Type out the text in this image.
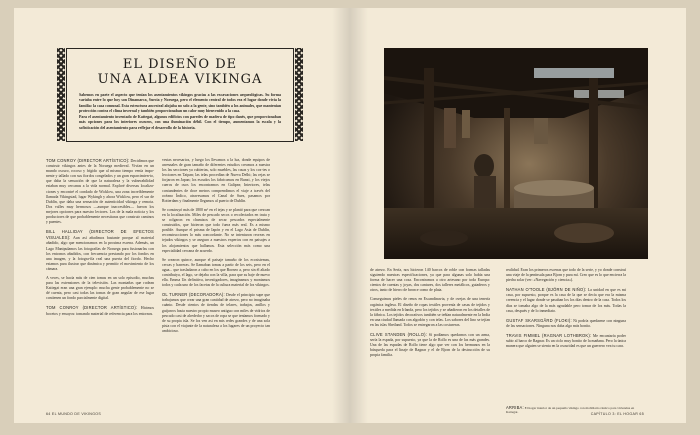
EL DISEÑO DE
UNA ALDEA VIKINGA

Sabemos en parte el aspecto que tenían los asentamientos vikingos gracias a las excavaciones arqueológicas. Su forma variaba entre lo que hoy son Dinamarca, Suecia y Noruega, pero el elemento central de todos era el lugar donde vivía la familia: la casa comunal. Esta estructura ancestral alojaba no solo a la gente, sino también a los animales, que mantenían protección contra el clima invernal y también proporcionaban un calor muy bienvenido a la casa.

Para el asentamiento inventado de Kattegat, algunos edificios con paredes de madera de tipo danés, que proporcionaban más opciones para los interiores oscuros, con una iluminación débil. Con el tiempo, aumentamos la escala y la sofisticación del asentamiento para reflejar el desarrollo de la historia.

TOM CONROY (DIRECTOR ARTÍSTICO): Decidimos que construir vikingos antes de la Noruega medieval. Vivían en un mundo oscuro, rocoso y frígido que al mismo tiempo venía impo-nente y tallado con sus fiordos congelados y un gran esparcimien-to, que daba la sensación de que la naturaleza y la vulnerabilidad estaban muy cercanas a la vida normal. Exploré diversas localiza-ciones y encontré el condado de Wicklow, una zona increíblemente llamada Vikingstad, lugar Wykingh y ahora Wicklow, pero el sur de Dublín, que daba una sensación de autenticidad vikinga y remota. Dos valles muy hermosos —aunque inaccesibles— fueron los mejores opciones para nuestro lectores. Los de la mala noticia y los productores de que probablemente necesitaras que construir caminos y puentes.

BILL HALLIDAY (DIRECTOR DE EFECTOS VISUALES): Aun así añadimos bastante porque al material añadido, algo que mencionamos en la proxima escena. Además, un Lago Manipulamos las fotografías de Noruega para fusionarlas con los entornos añadidos, con frecuencia prestando por los fondos en una imagen, y la fotogra-fía real una puerta del fiordo. Hecho estamos para ilustrar que dinámica y permitir el movimiento de los cámara.

A veces, se hacía más de cien tomas en un solo episodio, muchas para las extensiones de la televisión. Las montañas que rodean Kattegat eran una gran ejemplo: mucha gente probablemente no se dé cuenta, pero casi todas las tomas de gran angular de ese lugar contienen un fondo parcialmente digital.

TOM CONROY (DIRECTOR ARTÍSTICO): Hicimos bocetos y ensayos: tomando material de referencia para los entornos.

vestas necesarios, y luego los llevamos a la luz, donde equipos de arresnales de gran tamaño de diferentes estudios creamos a nuestra los las secciones ya cubiertas, solo muebles, las casas y los cos-tes o lecciones en Taipan; las telas procedían de Nueva Delhi; las rejas se forjaron en Japan; los escudos los fabricamos en Bunzi, y los viejos cueros de osos los encontramos en Galipea; Interiores, telas contundentes de doce metros comprendimos el viaje a través del océano Índico, atravesamos el Canal de Suez, pasamos por Rotterdam y finalmente llegamos al puerto de Dublín.

Se construyó más de 1800 m² en el tejas y se plantó para que crezcan en la localización. Miles de pescado secos o recolectados en truta y se colgaron en chamizos de secar pescados especialmente construidos, que hicieron que todo fuera más real. Es a mismo posible. Aunque el prisma de Iapón y en el Lago Asia de Dublín, reconstrucciones lo más concordante. No se intentaron recreas en tejados vikingos y se aseguro a nuestros expertos con en paisajes a los alojamientos que hallamos. Esta selección más como una especialidad cercana de acuerdo.

Se crearon quince, aunque el paisaje tamaño de los ecosistemas, cercas y barreras. Se llamaban tomas a partir de los sets, pero en el agua... que trasladaron a cabo en los que Borneo a, pero sin él aliado contribuiya, el lago, se dejaba con la villa, para que su baje de nuevo ella. Emma Un definitiva, investigadores, imaginamos y montamos todos y cada uno de los facetas de la cultura material de los vikingos.

OL TURNER (DECORADORA): Desde el principio supe que trabajamos que crear una gran cantidad de atrezo, pero no imaginaba cuánto. Desde cientos de tiendas de telares, trabajos, anillos y guijarros hasta nuestro propio museo antiguo con miles de vidrios de pescado casi de alrededor y sacos de ropa se que teníamos formado y de su propia isla. Se los ven asi en mis redes grandes y de una sola pista con el viajante de la naturaleza a los lugares de un proyecto tan ambicioso.

64 EL MUNDO DE VIKINGOS

de atrezo. En Sería, nos hicieron 140 barcos de roble con formas talladas siguiendo nuestras especificaciones, ya que para algunas solo había una forma de hacer una cosa. Encontramos a otro artesano por toda Europa: cientos de cuentas y joyas, dos cantares, dos talleres metálicos, guiaderos y otros, tanto de hierro de bronce como de plata.

Conseguimos pieles de renos en Escandinavia, y de ovejas de una tenería orgánica inglesa. El diseño de ropas textiles provenía de casas de tejidos y textiles a medida en Irlanda, pero los tejidos y se añadieron en los detalles de la fábrica. Los tejidos decorativos también se teñían naturalmente en la India en una ciudad llamada con algodón y con telas. Los sabores del lino se tejían en las islas Shetland. Todos se entregaron a las costureras.

CLIVE STANDEN (ROLLO): Sí podíamos quedarnos con un arma, sería la espada, por supuesto, ya que la de Rollo es una de las más grandes. Una de las espadas de Rollo tiene algo que ver con los hermanos en la búsqueda para el linaje de Ragnar y el de Bjorn de la destrucción de su propia familia.

realidad. Eran los primeros escenas que todo de la serie, y yo donde construí una viaje de la península para Bjorn y para mí. Creo que es lo que encierra la piedra solar (ver: «Navegación y ciencia»).

NATHAN O'TOOLE (BJÖRN DE NIÑO): La unidad en que es mi casa, por supuesto, porque es la casa de la que se decía que era la misma creencia y el lugar donde se pasaban los los días dentro de la casa. Todos los días se tomaba algo de la más agradable pero tomar de los más. Todas la casa, después y de lo inmediato.

GUSTAF SKARSGÅRD (FLOKI): Ni podría quedarme con ninguna de las sensaciones. Ninguna nos daba algo más bonito.

TRAVIS FIMMEL (RAGNAR LOTHBROK): Me encantaría poder subir al barco de Ragnar. Es un ciclo muy bonito de la mañana. Pero la única manera que alguien se sienta en la oscuridad es que un guerrero vea tu cara.

ARRIBA: El hogar interior de un pequeño vikingo con mobiliario rústico para viviendas en Kattegat.	CAPÍTULO 3: EL HOGAR 65
